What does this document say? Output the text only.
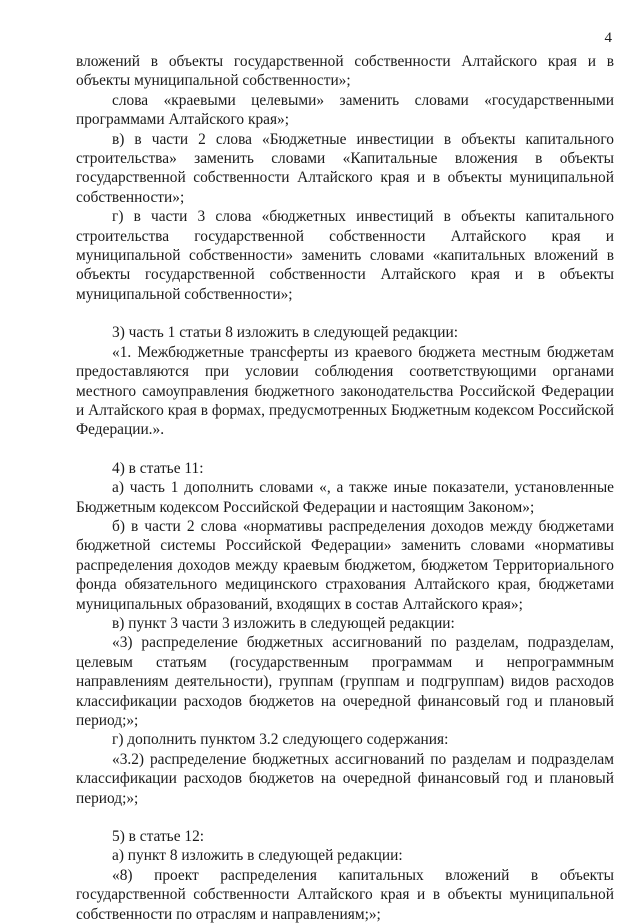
4

вложений в объекты государственной собственности Алтайского края и в объекты муниципальной собственности»;

слова «краевыми целевыми» заменить словами «государственными программами Алтайского края»;

в) в части 2 слова «Бюджетные инвестиции в объекты капитального строительства» заменить словами «Капитальные вложения в объекты государственной собственности Алтайского края и в объекты муниципальной собственности»;

г) в части 3 слова «бюджетных инвестиций в объекты капитального строительства государственной собственности Алтайского края и муниципальной собственности» заменить словами «капитальных вложений в объекты государственной собственности Алтайского края и в объекты муниципальной собственности»;

3) часть 1 статьи 8 изложить в следующей редакции:

«1. Межбюджетные трансферты из краевого бюджета местным бюджетам предоставляются при условии соблюдения соответствующими органами местного самоуправления бюджетного законодательства Российской Федерации и Алтайского края в формах, предусмотренных Бюджетным кодексом Российской Федерации.».

4) в статье 11:

а) часть 1 дополнить словами «, а также иные показатели, установленные Бюджетным кодексом Российской Федерации и настоящим Законом»;

б) в части 2 слова «нормативы распределения доходов между бюджетами бюджетной системы Российской Федерации» заменить словами «нормативы распределения доходов между краевым бюджетом, бюджетом Территориального фонда обязательного медицинского страхования Алтайского края, бюджетами муниципальных образований, входящих в состав Алтайского края»;

в) пункт 3 части 3 изложить в следующей редакции:

«3) распределение бюджетных ассигнований по разделам, подразделам, целевым статьям (государственным программам и непрограммным направлениям деятельности), группам (группам и подгруппам) видов расходов классификации расходов бюджетов на очередной финансовый год и плановый период;»;

г) дополнить пунктом 3.2 следующего содержания:

«3.2) распределение бюджетных ассигнований по разделам и подразделам классификации расходов бюджетов на очередной финансовый год и плановый период;»;

5) в статье 12:

а) пункт 8 изложить в следующей редакции:

«8) проект распределения капитальных вложений в объекты государственной собственности Алтайского края и в объекты муниципальной собственности по отраслям и направлениям;»;
